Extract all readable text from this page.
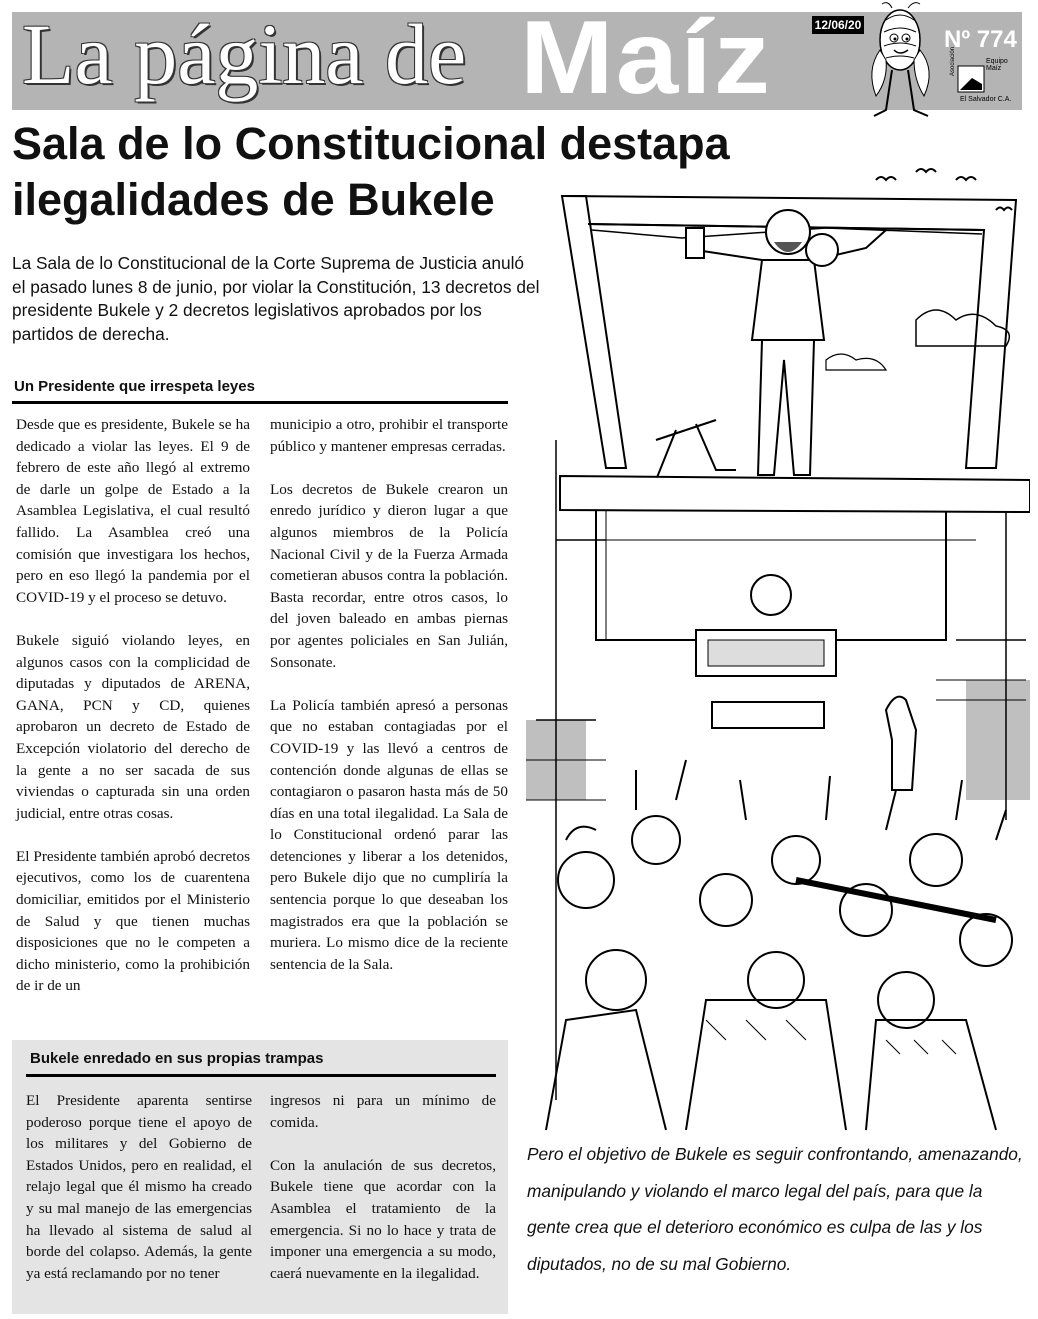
La página de Maíz	12/06/20
Nº 774
Equipo Maíz
Asociación
El Salvador C.A.
Sala de lo Constitucional destapa ilegalidades de Bukele

La Sala de lo Constitucional de la Corte Suprema de Justicia anuló el pasado lunes 8 de junio, por violar la Constitución, 13 decretos del presidente Bukele y 2 decretos legislativos aprobados por los partidos de derecha.

Un Presidente que irrespeta leyes

Desde que es presidente, Bukele se ha dedicado a violar las leyes. El 9 de febrero de este año llegó al extremo de darle un golpe de Estado a la Asamblea Legislativa, el cual resultó fallido. La Asamblea creó una comisión que investigara los hechos, pero en eso llegó la pandemia por el COVID-19 y el proceso se detuvo.

Bukele siguió violando leyes, en algunos casos con la complicidad de diputadas y diputados de ARENA, GANA, PCN y CD, quienes aprobaron un decreto de Estado de Excepción violatorio del derecho de la gente a no ser sacada de sus viviendas o capturada sin una orden judicial, entre otras cosas.

El Presidente también aprobó decretos ejecutivos, como los de cuarentena domiciliar, emitidos por el Ministerio de Salud y que tienen muchas disposiciones que no le competen a dicho ministerio, como la prohibición de ir de un

municipio a otro, prohibir el transporte público y mantener empresas cerradas.

Los decretos de Bukele crearon un enredo jurídico y dieron lugar a que algunos miembros de la Policía Nacional Civil y de la Fuerza Armada cometieran abusos contra la población. Basta recordar, entre otros casos, lo del joven baleado en ambas piernas por agentes policiales en San Julián, Sonsonate.

La Policía también apresó a personas que no estaban contagiadas por el COVID-19 y las llevó a centros de contención donde algunas de ellas se contagiaron o pasaron hasta más de 50 días en una total ilegalidad. La Sala de lo Constitucional ordenó parar las detenciones y liberar a los detenidos, pero Bukele dijo que no cumpliría la sentencia porque lo que deseaban los magistrados era que la población se muriera. Lo mismo dice de la reciente sentencia de la Sala.

Bukele enredado en sus propias trampas

El Presidente aparenta sentirse poderoso porque tiene el apoyo de los militares y del Gobierno de Estados Unidos, pero en realidad, el relajo legal que él mismo ha creado y su mal manejo de las emergencias ha llevado al sistema de salud al borde del colapso. Además, la gente ya está reclamando por no tener

ingresos ni para un mínimo de comida.

Con la anulación de sus decretos, Bukele tiene que acordar con la Asamblea el tratamiento de la emergencia. Si no lo hace y trata de imponer una emergencia a su modo, caerá nuevamente en la ilegalidad.

Pero el objetivo de Bukele es seguir confrontando, amenazando, manipulando y violando el marco legal del país, para que la gente crea que el deterioro económico es culpa de las y los diputados, no de su mal Gobierno.
